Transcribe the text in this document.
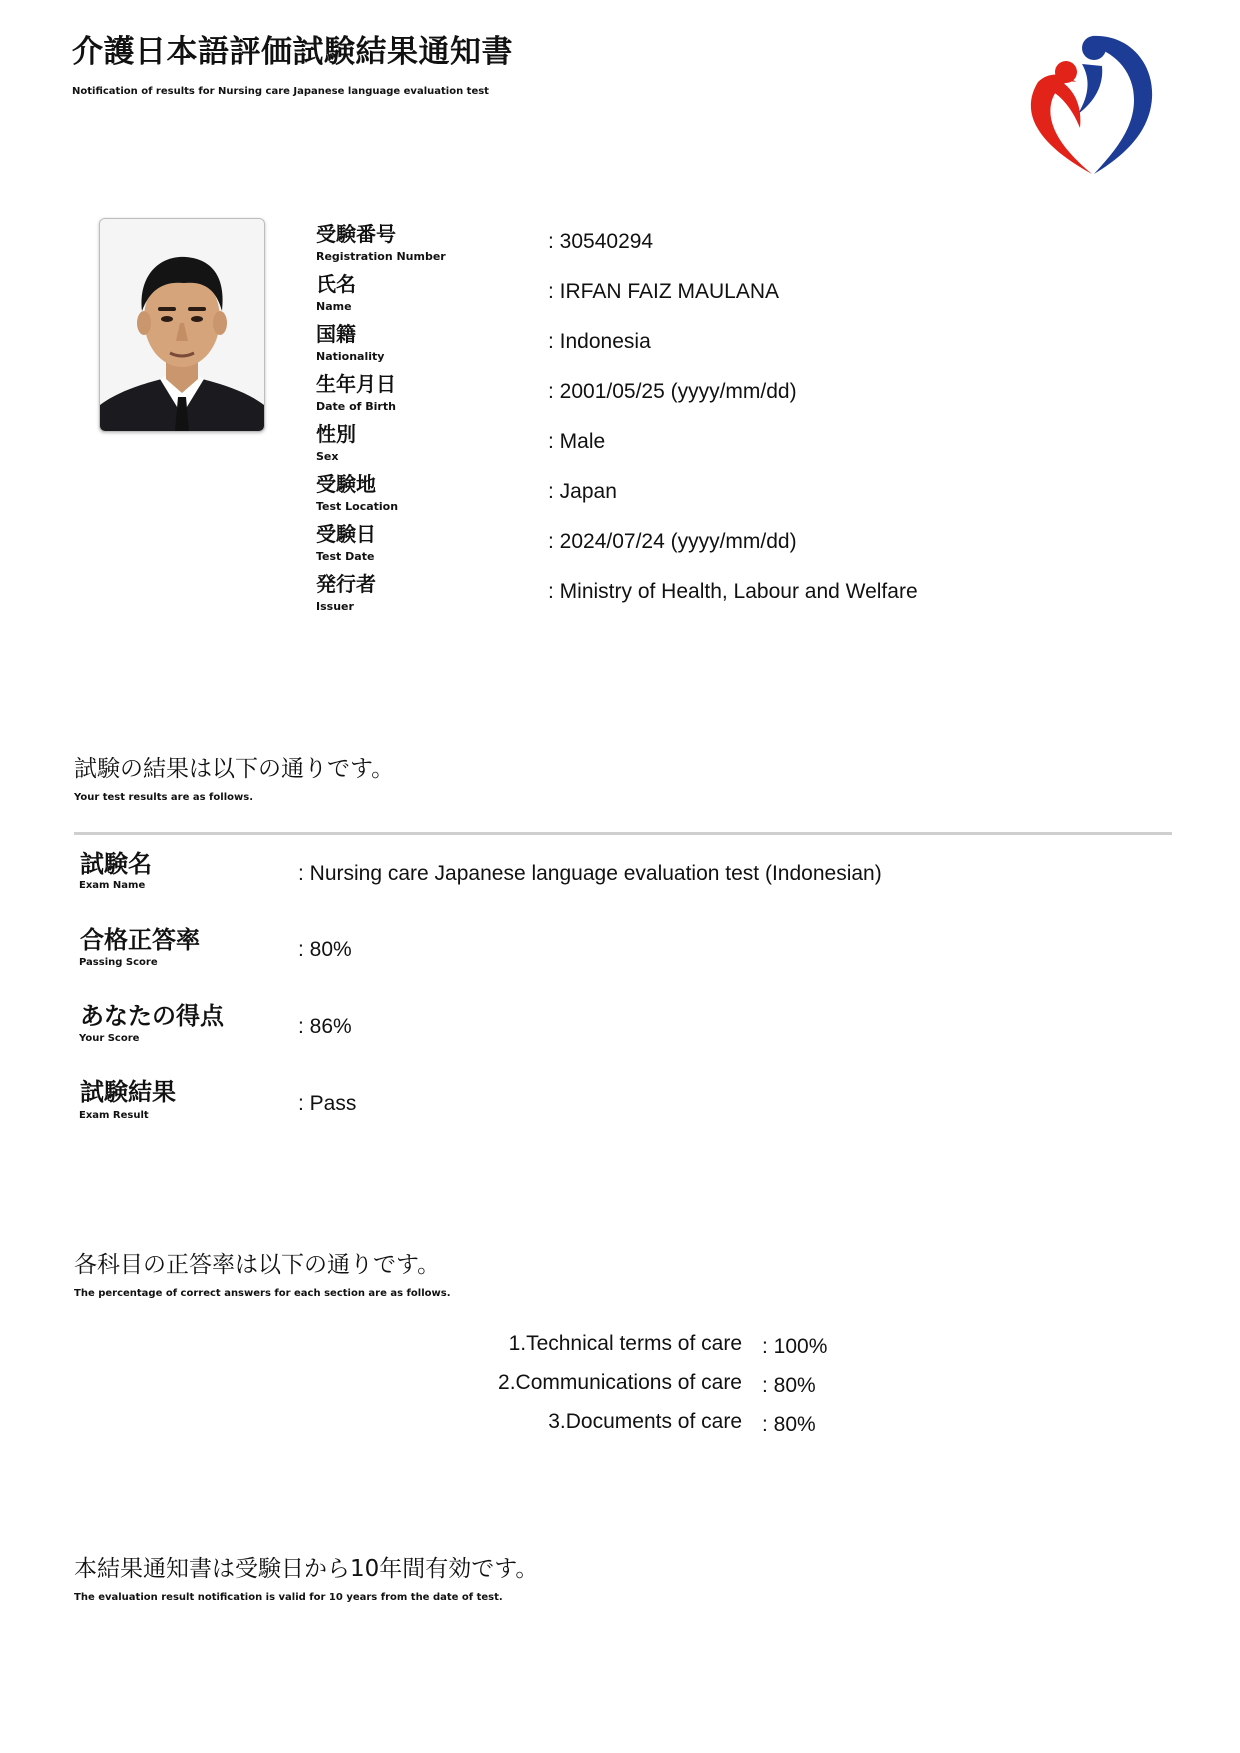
介護日本語評価試験結果通知書
Notification of results for Nursing care Japanese language evaluation test
受験番号
Registration Number
: 30540294
氏名
Name
: IRFAN FAIZ MAULANA
国籍
Nationality
: Indonesia
生年月日
Date of Birth
: 2001/05/25 (yyyy/mm/dd)
性別
Sex
: Male
受験地
Test Location
: Japan
受験日
Test Date
: 2024/07/24 (yyyy/mm/dd)
発行者
Issuer
: Ministry of Health, Labour and Welfare
試験の結果は以下の通りです。
Your test results are as follows.
試験名
Exam Name
: Nursing care Japanese language evaluation test (Indonesian)
合格正答率
Passing Score
: 80%
あなたの得点
Your Score
: 86%
試験結果
Exam Result
: Pass
各科目の正答率は以下の通りです。
The percentage of correct answers for each section are as follows.
1.Technical terms of care : 100%
2.Communications of care : 80%
3.Documents of care : 80%
本結果通知書は受験日から10年間有効です。
The evaluation result notification is valid for 10 years from the date of test.
